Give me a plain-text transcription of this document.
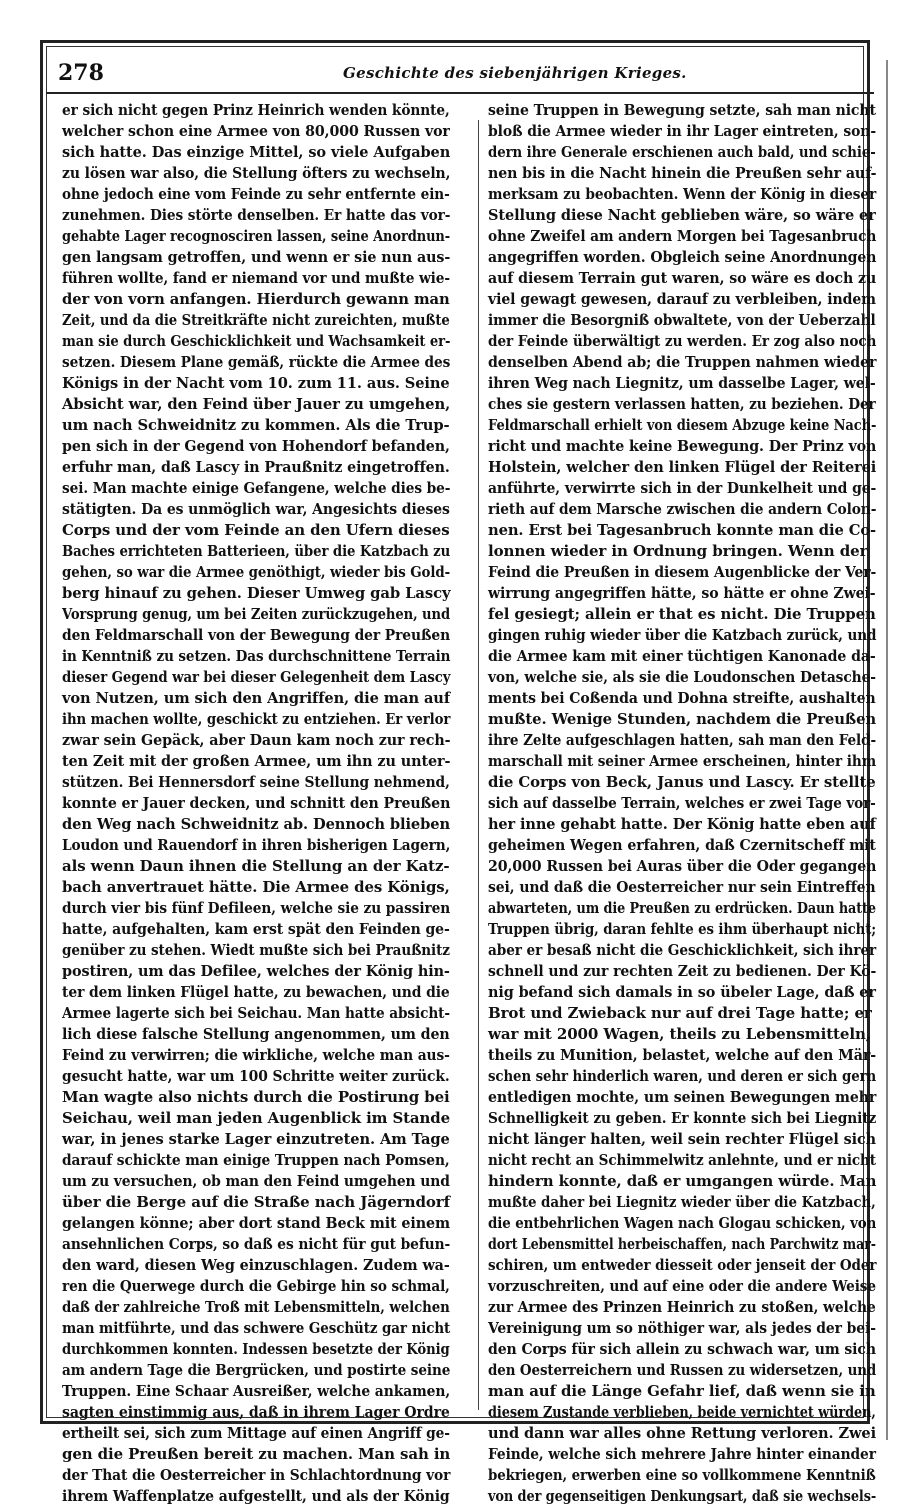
278	Geschichte des siebenjährigen Krieges.
er sich nicht gegen Prinz Heinrich wenden könnte,
welcher schon eine Armee von 80,000 Russen vor
sich hatte. Das einzige Mittel, so viele Aufgaben
zu lösen war also, die Stellung öfters zu wechseln,
ohne jedoch eine vom Feinde zu sehr entfernte ein-
zunehmen. Dies störte denselben. Er hatte das vor-
gehabte Lager recognosciren lassen, seine Anordnun-
gen langsam getroffen, und wenn er sie nun aus-
führen wollte, fand er niemand vor und mußte wie-
der von vorn anfangen. Hierdurch gewann man
Zeit, und da die Streitkräfte nicht zureichten, mußte
man sie durch Geschicklichkeit und Wachsamkeit er-
setzen. Diesem Plane gemäß, rückte die Armee des
Königs in der Nacht vom 10. zum 11. aus. Seine
Absicht war, den Feind über Jauer zu umgehen,
um nach Schweidnitz zu kommen. Als die Trup-
pen sich in der Gegend von Hohendorf befanden,
erfuhr man, daß Lascy in Praußnitz eingetroffen.
sei. Man machte einige Gefangene, welche dies be-
stätigten. Da es unmöglich war, Angesichts dieses
Corps und der vom Feinde an den Ufern dieses
Baches errichteten Batterieen, über die Katzbach zu
gehen, so war die Armee genöthigt, wieder bis Gold-
berg hinauf zu gehen. Dieser Umweg gab Lascy
Vorsprung genug, um bei Zeiten zurückzugehen, und
den Feldmarschall von der Bewegung der Preußen
in Kenntniß zu setzen. Das durchschnittene Terrain
dieser Gegend war bei dieser Gelegenheit dem Lascy
von Nutzen, um sich den Angriffen, die man auf
ihn machen wollte, geschickt zu entziehen. Er verlor
zwar sein Gepäck, aber Daun kam noch zur rech-
ten Zeit mit der großen Armee, um ihn zu unter-
stützen. Bei Hennersdorf seine Stellung nehmend,
konnte er Jauer decken, und schnitt den Preußen
den Weg nach Schweidnitz ab. Dennoch blieben
Loudon und Rauendorf in ihren bisherigen Lagern,
als wenn Daun ihnen die Stellung an der Katz-
bach anvertrauet hätte. Die Armee des Königs,
durch vier bis fünf Defileen, welche sie zu passiren
hatte, aufgehalten, kam erst spät den Feinden ge-
genüber zu stehen. Wiedt mußte sich bei Praußnitz
postiren, um das Defilee, welches der König hin-
ter dem linken Flügel hatte, zu bewachen, und die
Armee lagerte sich bei Seichau. Man hatte absicht-
lich diese falsche Stellung angenommen, um den
Feind zu verwirren; die wirkliche, welche man aus-
gesucht hatte, war um 100 Schritte weiter zurück.
Man wagte also nichts durch die Postirung bei
Seichau, weil man jeden Augenblick im Stande
war, in jenes starke Lager einzutreten. Am Tage
darauf schickte man einige Truppen nach Pomsen,
um zu versuchen, ob man den Feind umgehen und
über die Berge auf die Straße nach Jägerndorf
gelangen könne; aber dort stand Beck mit einem
ansehnlichen Corps, so daß es nicht für gut befun-
den ward, diesen Weg einzuschlagen. Zudem wa-
ren die Querwege durch die Gebirge hin so schmal,
daß der zahlreiche Troß mit Lebensmitteln, welchen
man mitführte, und das schwere Geschütz gar nicht
durchkommen konnten. Indessen besetzte der König
am andern Tage die Bergrücken, und postirte seine
Truppen. Eine Schaar Ausreißer, welche ankamen,
sagten einstimmig aus, daß in ihrem Lager Ordre
ertheilt sei, sich zum Mittage auf einen Angriff ge-
gen die Preußen bereit zu machen. Man sah in
der That die Oesterreicher in Schlachtordnung vor
ihrem Waffenplatze aufgestellt, und als der König
seine Truppen in Bewegung setzte, sah man nicht
bloß die Armee wieder in ihr Lager eintreten, son-
dern ihre Generale erschienen auch bald, und schie-
nen bis in die Nacht hinein die Preußen sehr auf-
merksam zu beobachten. Wenn der König in dieser
Stellung diese Nacht geblieben wäre, so wäre er
ohne Zweifel am andern Morgen bei Tagesanbruch
angegriffen worden. Obgleich seine Anordnungen
auf diesem Terrain gut waren, so wäre es doch zu
viel gewagt gewesen, darauf zu verbleiben, indem
immer die Besorgniß obwaltete, von der Ueberzahl
der Feinde überwältigt zu werden. Er zog also noch
denselben Abend ab; die Truppen nahmen wieder
ihren Weg nach Liegnitz, um dasselbe Lager, wel-
ches sie gestern verlassen hatten, zu beziehen. Der
Feldmarschall erhielt von diesem Abzuge keine Nach-
richt und machte keine Bewegung. Der Prinz von
Holstein, welcher den linken Flügel der Reiterei
anführte, verwirrte sich in der Dunkelheit und ge-
rieth auf dem Marsche zwischen die andern Colon-
nen. Erst bei Tagesanbruch konnte man die Co-
lonnen wieder in Ordnung bringen. Wenn der
Feind die Preußen in diesem Augenblicke der Ver-
wirrung angegriffen hätte, so hätte er ohne Zwei-
fel gesiegt; allein er that es nicht. Die Truppen
gingen ruhig wieder über die Katzbach zurück, und
die Armee kam mit einer tüchtigen Kanonade da-
von, welche sie, als sie die Loudonschen Detasche-
ments bei Coßenda und Dohna streifte, aushalten
mußte. Wenige Stunden, nachdem die Preußen
ihre Zelte aufgeschlagen hatten, sah man den Feld-
marschall mit seiner Armee erscheinen, hinter ihm
die Corps von Beck, Janus und Lascy. Er stellte
sich auf dasselbe Terrain, welches er zwei Tage vor-
her inne gehabt hatte. Der König hatte eben auf
geheimen Wegen erfahren, daß Czernitscheff mit
20,000 Russen bei Auras über die Oder gegangen
sei, und daß die Oesterreicher nur sein Eintreffen
abwarteten, um die Preußen zu erdrücken. Daun hatte
Truppen übrig, daran fehlte es ihm überhaupt nicht;
aber er besaß nicht die Geschicklichkeit, sich ihrer
schnell und zur rechten Zeit zu bedienen. Der Kö-
nig befand sich damals in so übeler Lage, daß er
Brot und Zwieback nur auf drei Tage hatte; er
war mit 2000 Wagen, theils zu Lebensmitteln,
theils zu Munition, belastet, welche auf den Mär-
schen sehr hinderlich waren, und deren er sich gern
entledigen mochte, um seinen Bewegungen mehr
Schnelligkeit zu geben. Er konnte sich bei Liegnitz
nicht länger halten, weil sein rechter Flügel sich
nicht recht an Schimmelwitz anlehnte, und er nicht
hindern konnte, daß er umgangen würde. Man
mußte daher bei Liegnitz wieder über die Katzbach,
die entbehrlichen Wagen nach Glogau schicken, von
dort Lebensmittel herbeischaffen, nach Parchwitz mar-
schiren, um entweder diesseit oder jenseit der Oder
vorzuschreiten, und auf eine oder die andere Weise
zur Armee des Prinzen Heinrich zu stoßen, welche
Vereinigung um so nöthiger war, als jedes der bei-
den Corps für sich allein zu schwach war, um sich
den Oesterreichern und Russen zu widersetzen, und
man auf die Länge Gefahr lief, daß wenn sie in
diesem Zustande verblieben, beide vernichtet würden,
und dann war alles ohne Rettung verloren. Zwei
Feinde, welche sich mehrere Jahre hinter einander
bekriegen, erwerben eine so vollkommene Kenntniß
von der gegenseitigen Denkungsart, daß sie wechsels-
